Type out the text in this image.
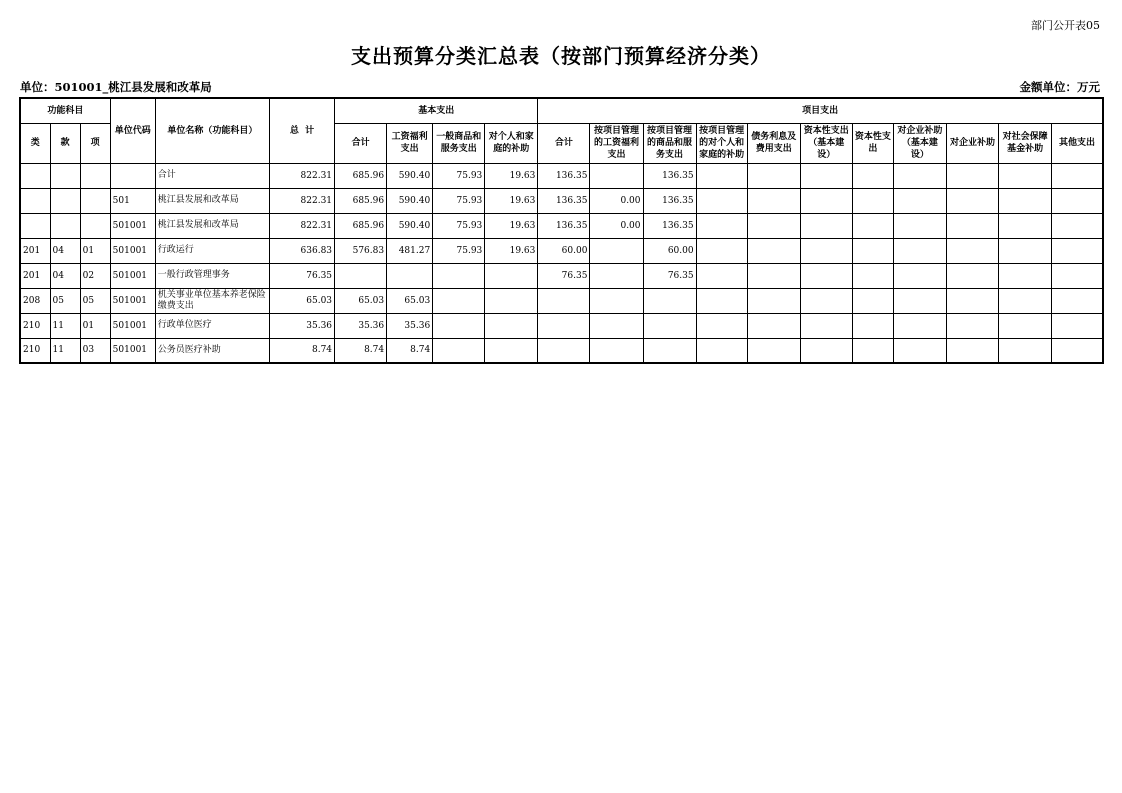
部门公开表05
支出预算分类汇总表（按部门预算经济分类）
单位：501001_桃江县发展和改革局	金额单位：万元
功能科目			单位代码	单位名称（功能科目）	总  计	基本支出				项目支出										
类	款	项				合计	工资福利支出	一般商品和服务支出	对个人和家庭的补助	合计	按项目管理的工资福利支出	按项目管理的商品和服务支出	按项目管理的对个人和家庭的补助	债务利息及费用支出	资本性支出（基本建设）	资本性支出	对企业补助（基本建设）	对企业补助	对社会保障基金补助	其他支出
				合计	822.31	685.96	590.40	75.93	19.63	136.35		136.35								
			501	桃江县发展和改革局	822.31	685.96	590.40	75.93	19.63	136.35	0.00	136.35								
			501001	桃江县发展和改革局	822.31	685.96	590.40	75.93	19.63	136.35	0.00	136.35								
201	04	01	501001	行政运行	636.83	576.83	481.27	75.93	19.63	60.00		60.00								
201	04	02	501001	一般行政管理事务	76.35					76.35		76.35								
208	05	05	501001	机关事业单位基本养老保险缴费支出	65.03	65.03	65.03													
210	11	01	501001	行政单位医疗	35.36	35.36	35.36													
210	11	03	501001	公务员医疗补助	8.74	8.74	8.74													
